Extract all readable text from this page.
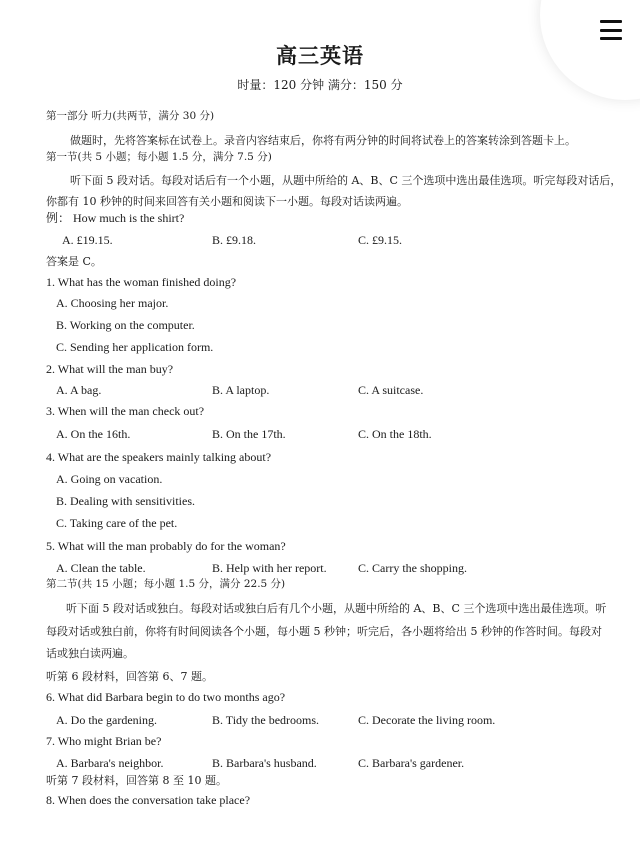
高三英语
时量：120 分钟 满分：150 分
第一部分 听力(共两节，满分 30 分)
做题时，先将答案标在试卷上。录音内容结束后，你将有两分钟的时间将试卷上的答案转涂到答题卡上。
第一节(共 5 小题；每小题 1.5 分，满分 7.5 分)
听下面 5 段对话。每段对话后有一个小题，从题中所给的 A、B、C 三个选项中选出最佳选项。听完每段对话后，
你都有 10 秒钟的时间来回答有关小题和阅读下一小题。每段对话读两遍。
例： How much is the shirt?
A. £19.15.	B. £9.18.	C. £9.15.
答案是 C。
1. What has the woman finished doing?
A. Choosing her major.
B. Working on the computer.
C. Sending her application form.
2. What will the man buy?
A. A bag.	B. A laptop.	C. A suitcase.
3. When will the man check out?
A. On the 16th.	B. On the 17th.	C. On the 18th.
4. What are the speakers mainly talking about?
A. Going on vacation.
B. Dealing with sensitivities.
C. Taking care of the pet.
5. What will the man probably do for the woman?
A. Clean the table.	B. Help with her report.	C. Carry the shopping.
第二节(共 15 小题；每小题 1.5 分，满分 22.5 分)
听下面 5 段对话或独白。每段对话或独白后有几个小题，从题中所给的 A、B、C 三个选项中选出最佳选项。听
每段对话或独白前，你将有时间阅读各个小题，每小题 5 秒钟；听完后，各小题将给出 5 秒钟的作答时间。每段对
话或独白读两遍。
听第 6 段材料，回答第 6、7 题。
6. What did Barbara begin to do two months ago?
A. Do the gardening.	B. Tidy the bedrooms.	C. Decorate the living room.
7. Who might Brian be?
A. Barbara's neighbor.	B. Barbara's husband.	C. Barbara's gardener.
听第 7 段材料，回答第 8 至 10 题。
8. When does the conversation take place?
